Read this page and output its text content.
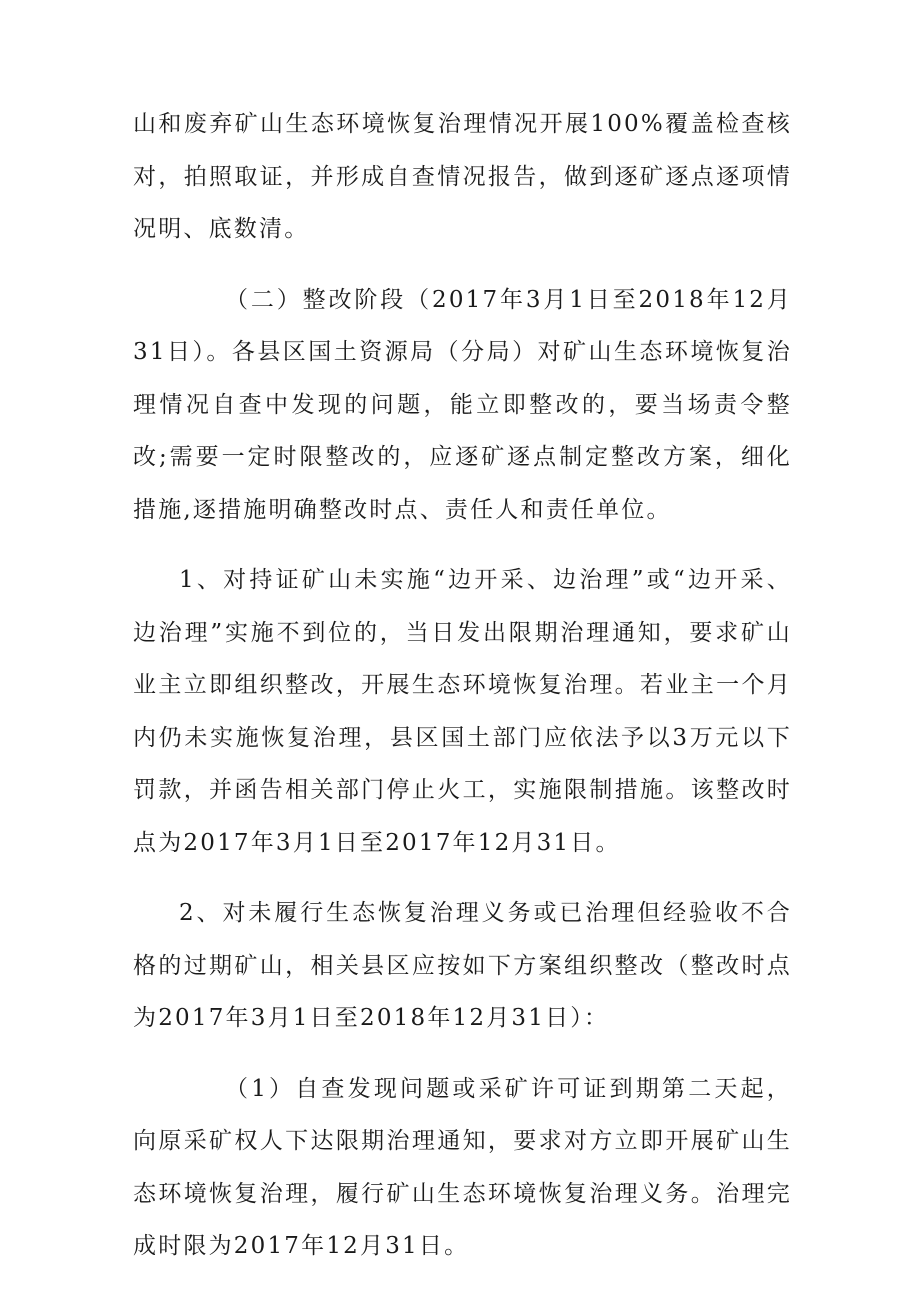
山和废弃矿山生态环境恢复治理情况开展100%覆盖检查核对，拍照取证，并形成自查情况报告，做到逐矿逐点逐项情况明、底数清。

（二）整改阶段（2017年3月1日至2018年12月31日）。各县区国土资源局（分局）对矿山生态环境恢复治理情况自查中发现的问题，能立即整改的，要当场责令整改;需要一定时限整改的，应逐矿逐点制定整改方案，细化措施,逐措施明确整改时点、责任人和责任单位。

1、对持证矿山未实施“边开采、边治理”或“边开采、边治理”实施不到位的，当日发出限期治理通知，要求矿山业主立即组织整改，开展生态环境恢复治理。若业主一个月内仍未实施恢复治理，县区国土部门应依法予以3万元以下罚款，并函告相关部门停止火工，实施限制措施。该整改时点为2017年3月1日至2017年12月31日。

2、对未履行生态恢复治理义务或已治理但经验收不合格的过期矿山，相关县区应按如下方案组织整改（整改时点为2017年3月1日至2018年12月31日）：

（1）自查发现问题或采矿许可证到期第二天起，向原采矿权人下达限期治理通知，要求对方立即开展矿山生态环境恢复治理，履行矿山生态环境恢复治理义务。治理完成时限为2017年12月31日。
